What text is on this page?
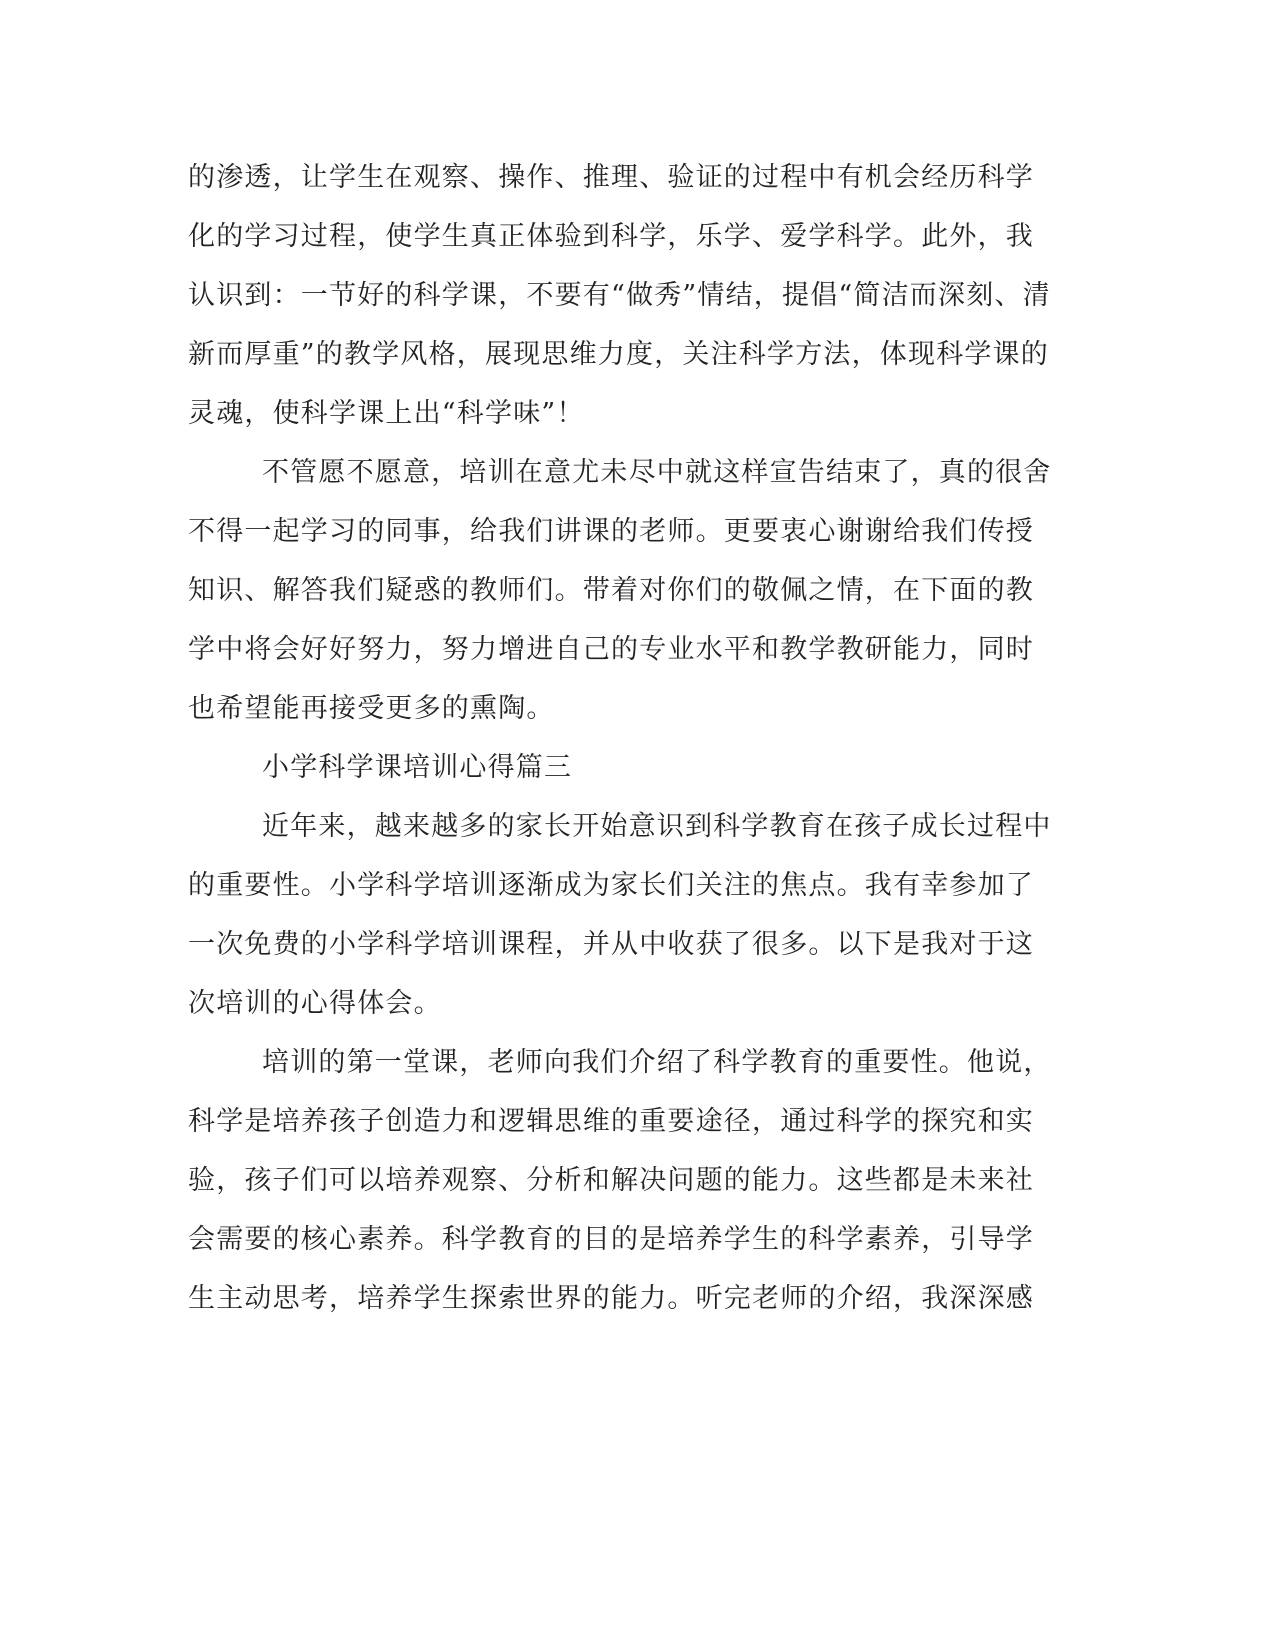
的渗透，让学生在观察、操作、推理、验证的过程中有机会经历科学
化的学习过程，使学生真正体验到科学，乐学、爱学科学。此外，我
认识到：一节好的科学课，不要有“做秀”情结，提倡“简洁而深刻、清
新而厚重”的教学风格，展现思维力度，关注科学方法，体现科学课的
灵魂，使科学课上出“科学味”！
不管愿不愿意，培训在意尤未尽中就这样宣告结束了，真的很舍
不得一起学习的同事，给我们讲课的老师。更要衷心谢谢给我们传授
知识、解答我们疑惑的教师们。带着对你们的敬佩之情，在下面的教
学中将会好好努力，努力增进自己的专业水平和教学教研能力，同时
也希望能再接受更多的熏陶。
小学科学课培训心得篇三
近年来，越来越多的家长开始意识到科学教育在孩子成长过程中
的重要性。小学科学培训逐渐成为家长们关注的焦点。我有幸参加了
一次免费的小学科学培训课程，并从中收获了很多。以下是我对于这
次培训的心得体会。
培训的第一堂课，老师向我们介绍了科学教育的重要性。他说，
科学是培养孩子创造力和逻辑思维的重要途径，通过科学的探究和实
验，孩子们可以培养观察、分析和解决问题的能力。这些都是未来社
会需要的核心素养。科学教育的目的是培养学生的科学素养，引导学
生主动思考，培养学生探索世界的能力。听完老师的介绍，我深深感
